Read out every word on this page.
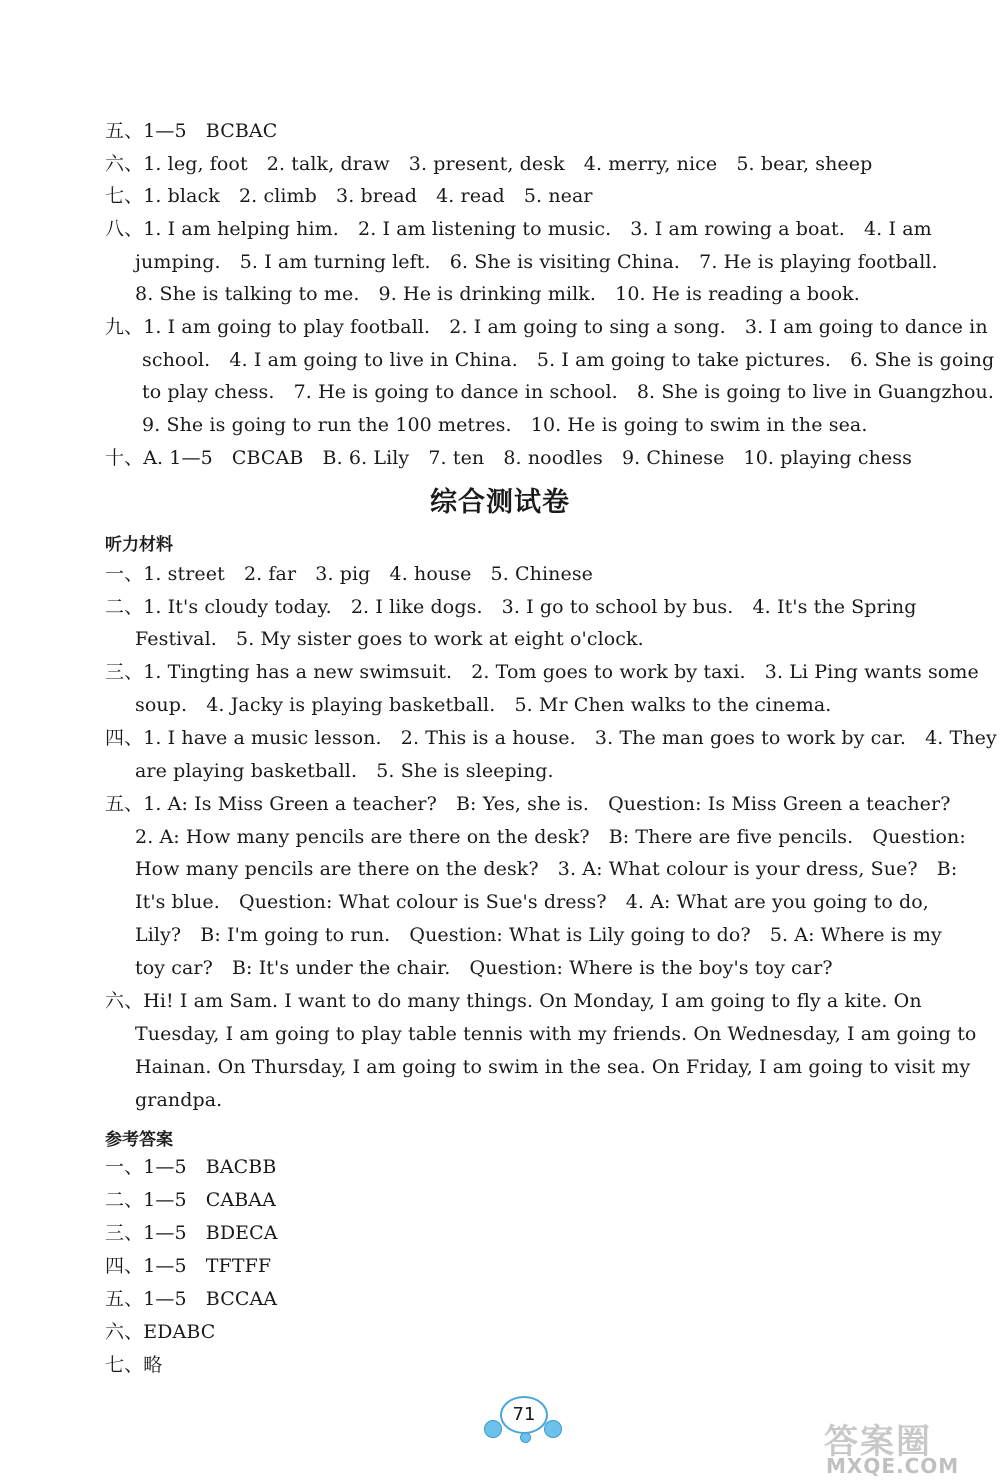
五、1—5　BCBAC
六、1. leg, foot　2. talk, draw　3. present, desk　4. merry, nice　5. bear, sheep
七、1. black　2. climb　3. bread　4. read　5. near
八、1. I am helping him.　2. I am listening to music.　3. I am rowing a boat.　4. I am
jumping.　5. I am turning left.　6. She is visiting China.　7. He is playing football.
8. She is talking to me.　9. He is drinking milk.　10. He is reading a book.
九、1. I am going to play football.　2. I am going to sing a song.　3. I am going to dance in
school.　4. I am going to live in China.　5. I am going to take pictures.　6. She is going
to play chess.　7. He is going to dance in school.　8. She is going to live in Guangzhou.
9. She is going to run the 100 metres.　10. He is going to swim in the sea.
十、A. 1—5　CBCAB　B. 6. Lily　7. ten　8. noodles　9. Chinese　10. playing chess
综合测试卷
听力材料
一、1. street　2. far　3. pig　4. house　5. Chinese
二、1. It's cloudy today.　2. I like dogs.　3. I go to school by bus.　4. It's the Spring
Festival.　5. My sister goes to work at eight o'clock.
三、1. Tingting has a new swimsuit.　2. Tom goes to work by taxi.　3. Li Ping wants some
soup.　4. Jacky is playing basketball.　5. Mr Chen walks to the cinema.
四、1. I have a music lesson.　2. This is a house.　3. The man goes to work by car.　4. They
are playing basketball.　5. She is sleeping.
五、1. A: Is Miss Green a teacher?　B: Yes, she is.　Question: Is Miss Green a teacher?
2. A: How many pencils are there on the desk?　B: There are five pencils.　Question:
How many pencils are there on the desk?　3. A: What colour is your dress, Sue?　B:
It's blue.　Question: What colour is Sue's dress?　4. A: What are you going to do,
Lily?　B: I'm going to run.　Question: What is Lily going to do?　5. A: Where is my
toy car?　B: It's under the chair.　Question: Where is the boy's toy car?
六、Hi! I am Sam. I want to do many things. On Monday, I am going to fly a kite. On
Tuesday, I am going to play table tennis with my friends. On Wednesday, I am going to
Hainan. On Thursday, I am going to swim in the sea. On Friday, I am going to visit my
grandpa.
参考答案
一、1—5　BACBB
二、1—5　CABAA
三、1—5　BDECA
四、1—5　TFTFF
五、1—5　BCCAA
六、EDABC
七、略
71
答案圈
MXQE.COM
